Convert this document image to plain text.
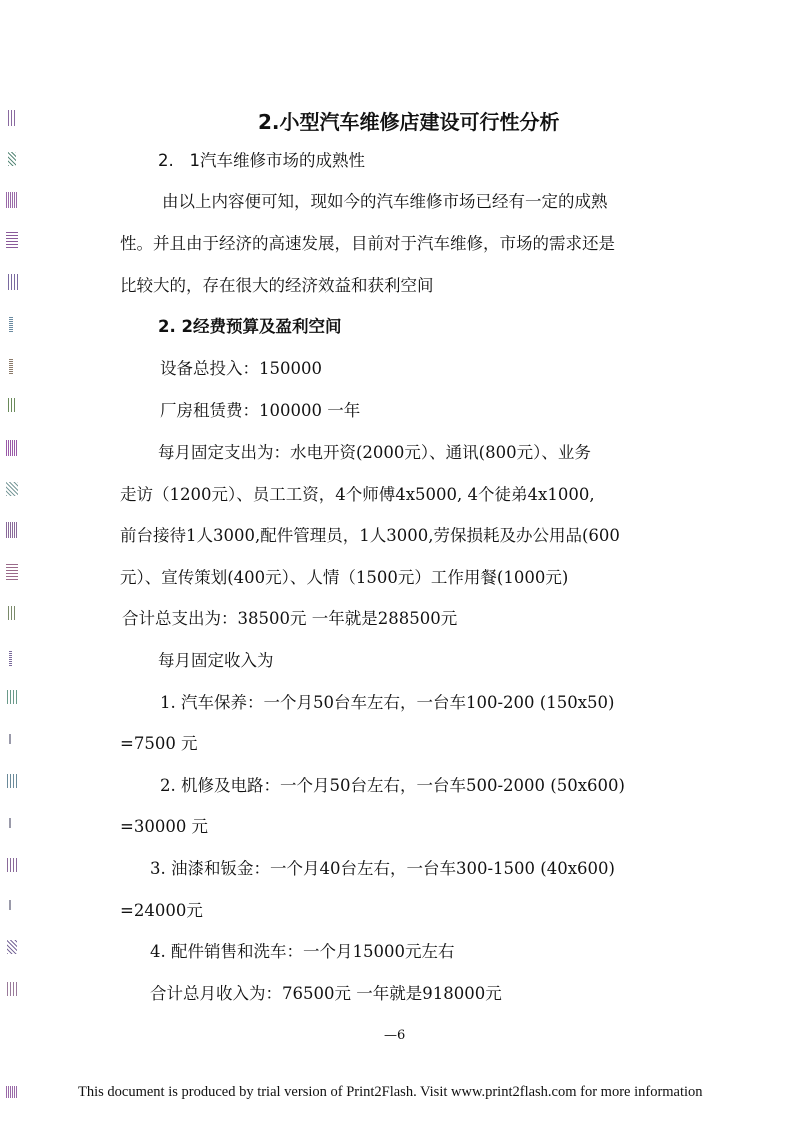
2.小型汽车维修店建设可行性分析
2. 1汽车维修市场的成熟性
由以上内容便可知，现如今的汽车维修市场已经有一定的成熟
性。并且由于经济的高速发展，目前对于汽车维修，市场的需求还是
比较大的，存在很大的经济效益和获利空间
2. 2经费预算及盈利空间
设备总投入：150000
厂房租赁费：100000 一年
每月固定支出为：水电开资(2000元）、通讯(800元）、业务
走访（1200元）、员工工资，4个师傅4x5000, 4个徒弟4x1000,
前台接待1人3000,配件管理员，1人3000,劳保损耗及办公用品(600
元）、宣传策划(400元）、人情（1500元）工作用餐(1000元)
合计总支出为：38500元 一年就是288500元
每月固定收入为
1. 汽车保养：一个月50台车左右，一台车100-200 (150x50)
=7500 元
2. 机修及电路：一个月50台左右，一台车500-2000 (50x600)
=30000 元
3. 油漆和钣金：一个月40台左右，一台车300-1500 (40x600)
=24000元
4. 配件销售和洗车：一个月15000元左右
合计总月收入为：76500元 一年就是918000元
—6
This document is produced by trial version of Print2Flash. Visit www.print2flash.com for more information
